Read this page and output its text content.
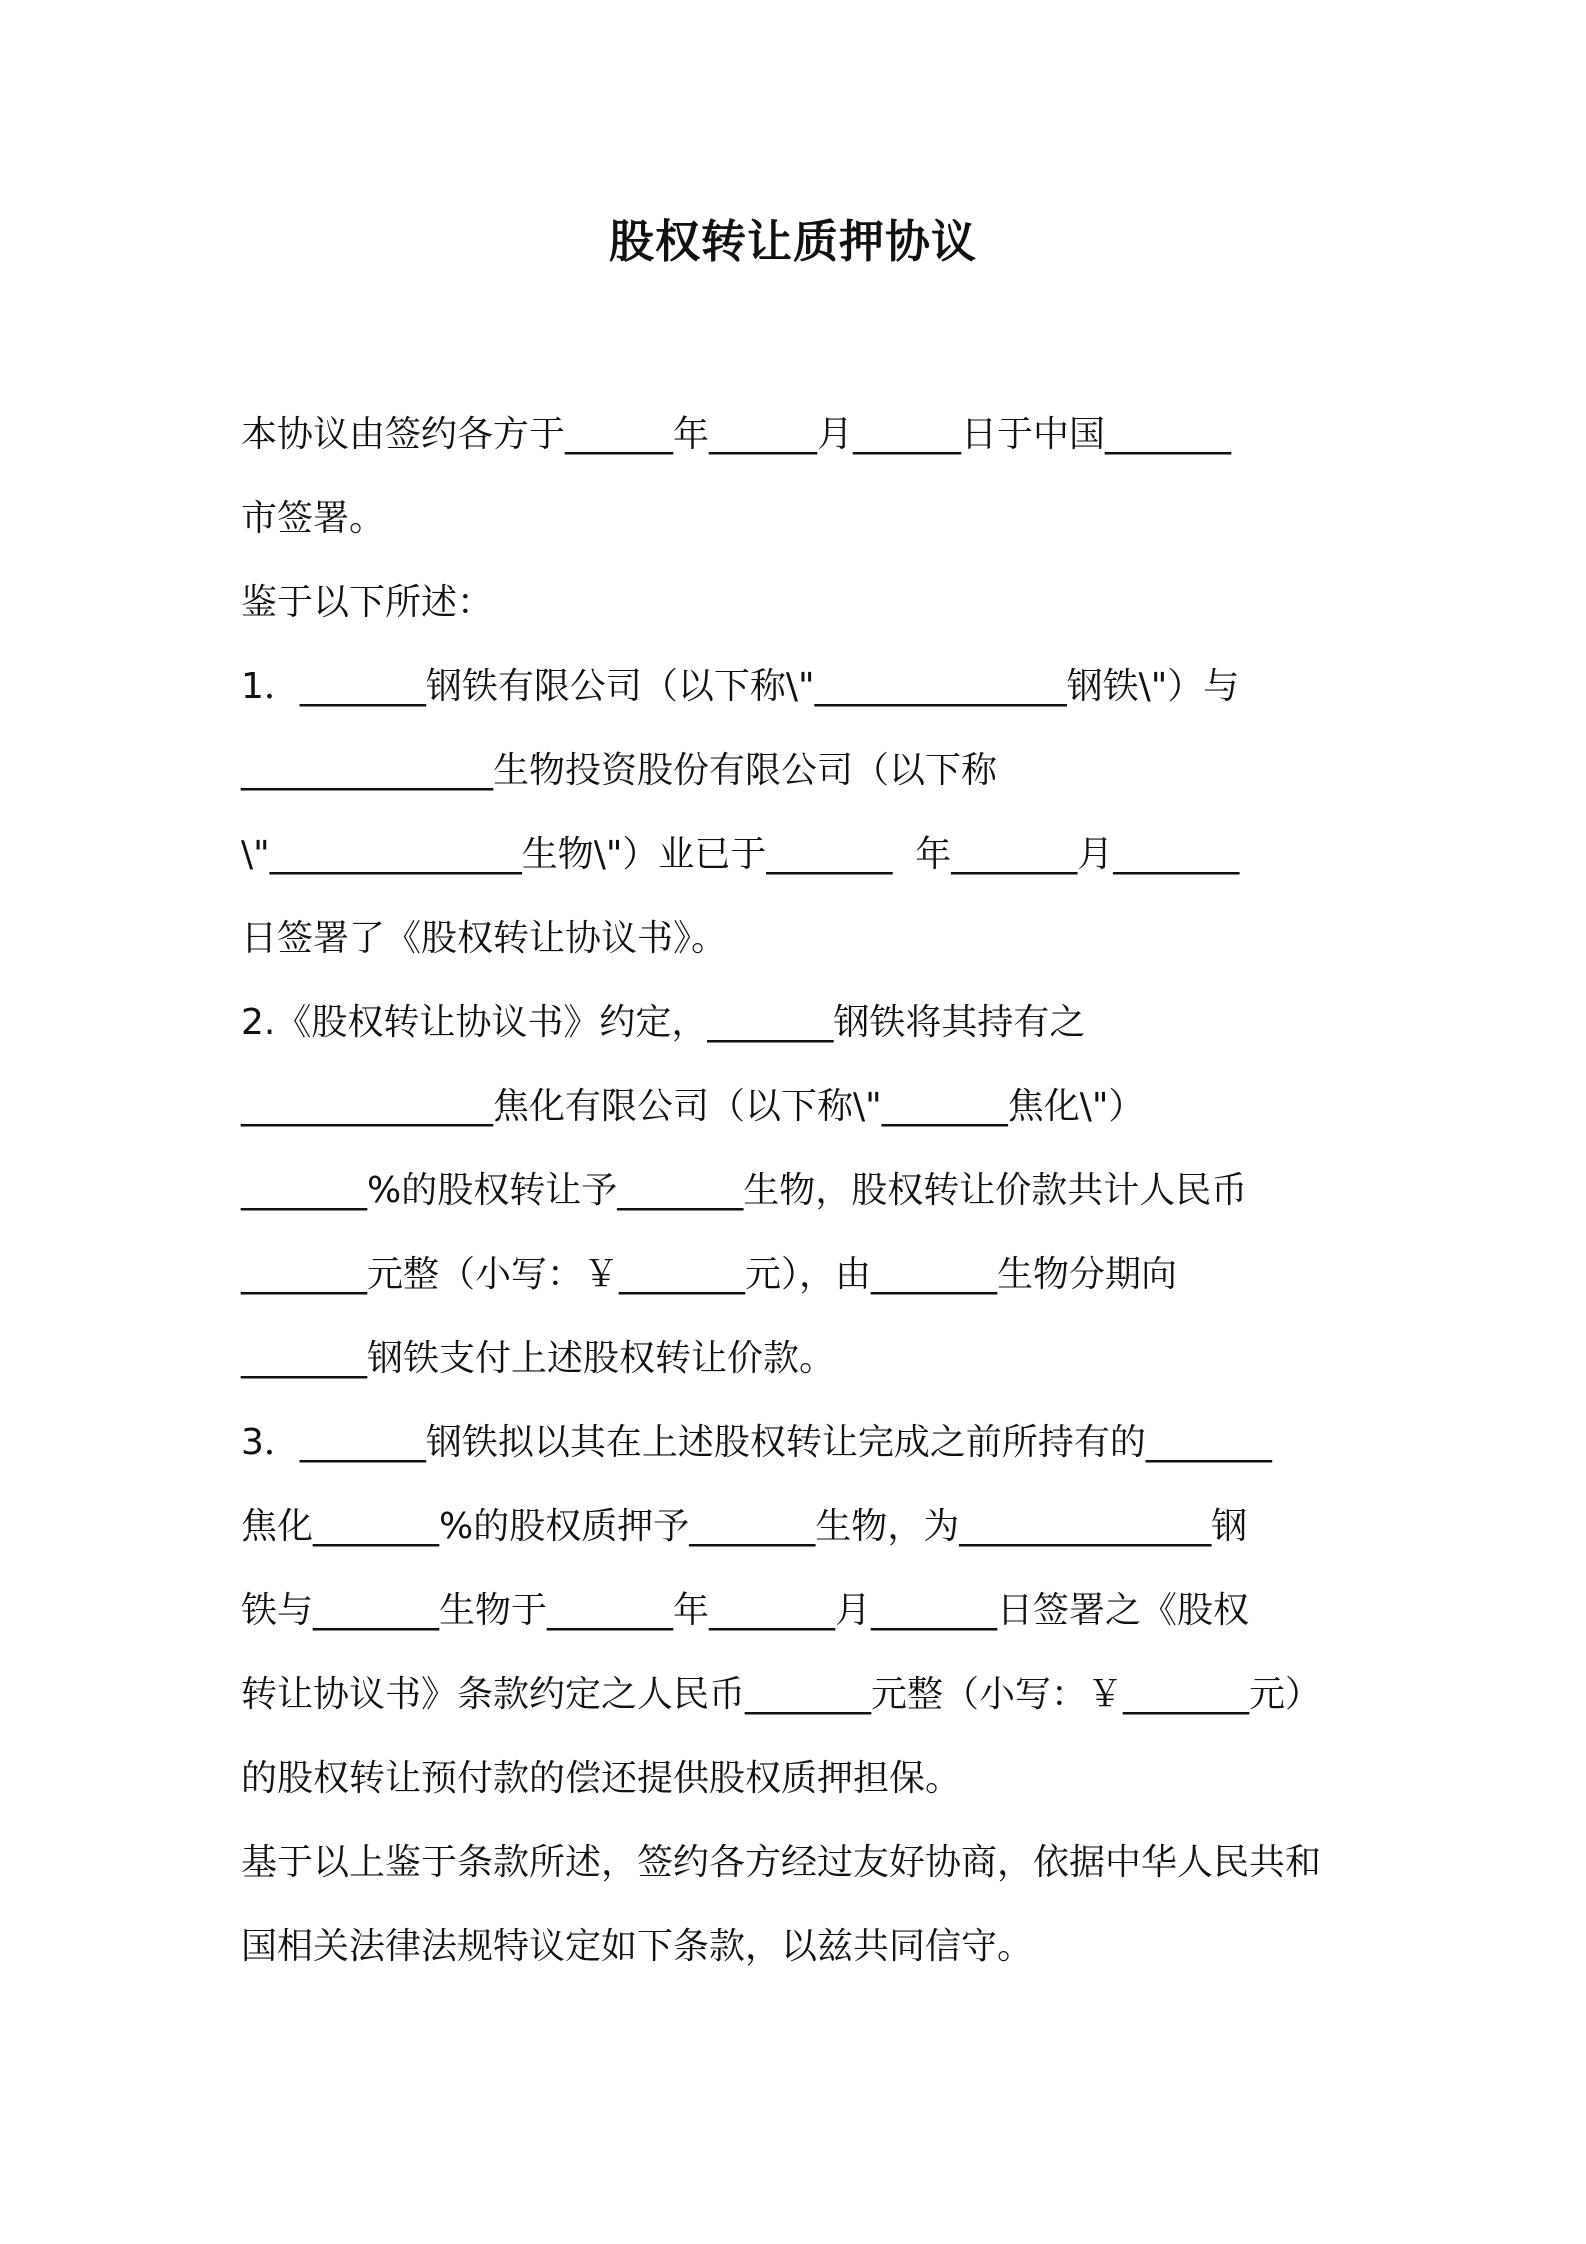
股权转让质押协议
本协议由签约各方于______年______月______日于中国_______
市签署。
鉴于以下所述：
1．_______钢铁有限公司（以下称\"______________钢铁\"）与
______________生物投资股份有限公司（以下称
\"______________生物\"）业已于_______  年_______月_______
日签署了《股权转让协议书》。
2.《股权转让协议书》约定，_______钢铁将其持有之
______________焦化有限公司（以下称\"_______焦化\"）
_______%的股权转让予_______生物，股权转让价款共计人民币
_______元整（小写：￥_______元），由_______生物分期向
_______钢铁支付上述股权转让价款。
3．_______钢铁拟以其在上述股权转让完成之前所持有的_______
焦化_______%的股权质押予_______生物，为______________钢
铁与_______生物于_______年_______月_______日签署之《股权
转让协议书》条款约定之人民币_______元整（小写：￥_______元）
的股权转让预付款的偿还提供股权质押担保。
基于以上鉴于条款所述，签约各方经过友好协商，依据中华人民共和
国相关法律法规特议定如下条款，以兹共同信守。
